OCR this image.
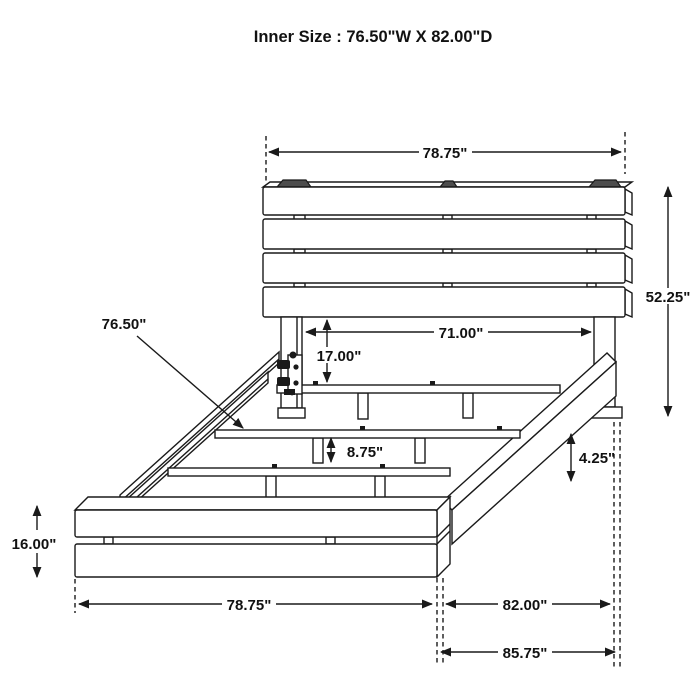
Inner Size : 76.50"W X 82.00"D
78.75"
52.25"
71.00"
17.00"
76.50"
8.75"	4.25"
16.00"
78.75"	82.00"
85.75"
